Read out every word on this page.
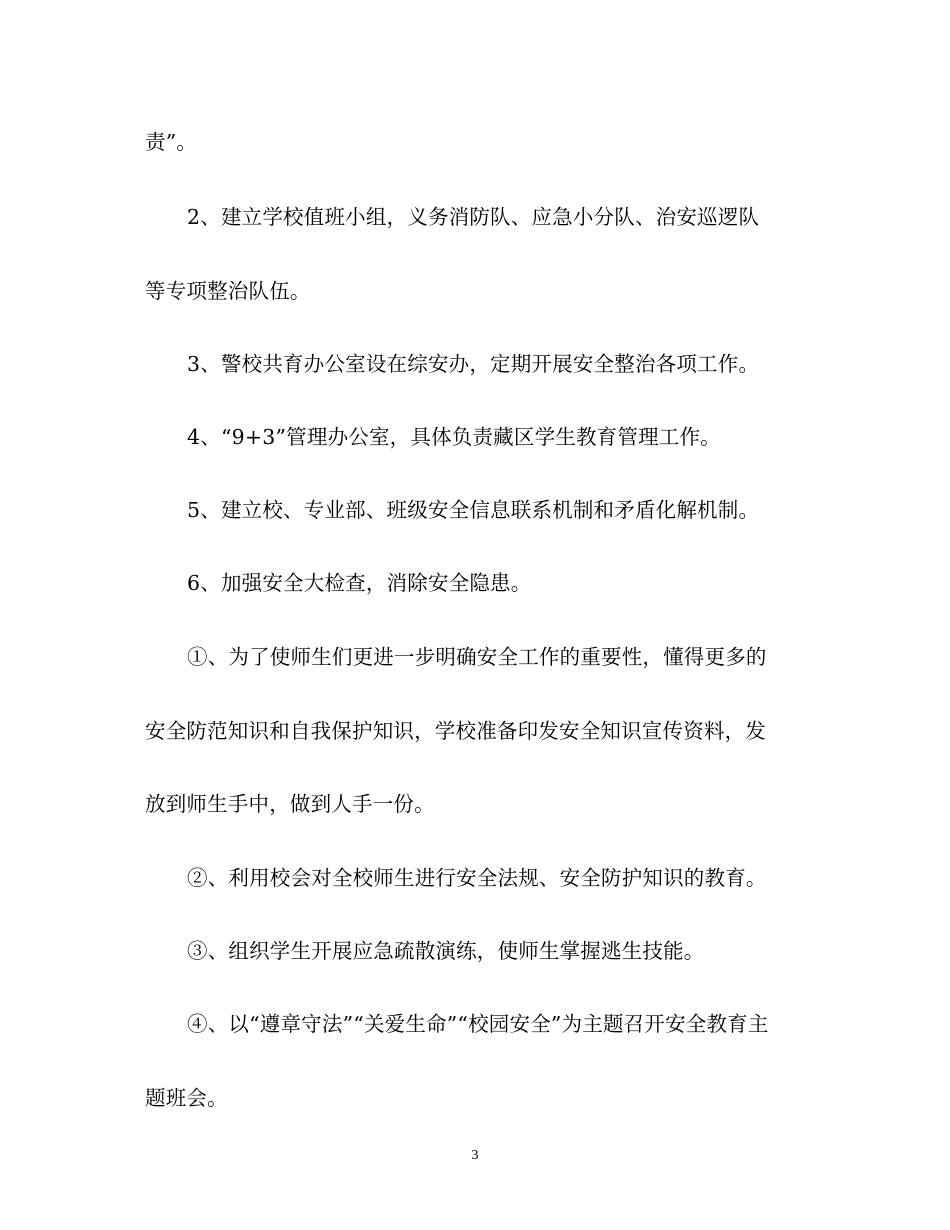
责”。
2、建立学校值班小组，义务消防队、应急小分队、治安巡逻队
等专项整治队伍。
3、警校共育办公室设在综安办，定期开展安全整治各项工作。
4、“9+3”管理办公室，具体负责藏区学生教育管理工作。
5、建立校、专业部、班级安全信息联系机制和矛盾化解机制。
6、加强安全大检查，消除安全隐患。
①、为了使师生们更进一步明确安全工作的重要性，懂得更多的
安全防范知识和自我保护知识，学校准备印发安全知识宣传资料，发
放到师生手中，做到人手一份。
②、利用校会对全校师生进行安全法规、安全防护知识的教育。
③、组织学生开展应急疏散演练，使师生掌握逃生技能。
④、以“遵章守法”“关爱生命”“校园安全”为主题召开安全教育主
题班会。
3
